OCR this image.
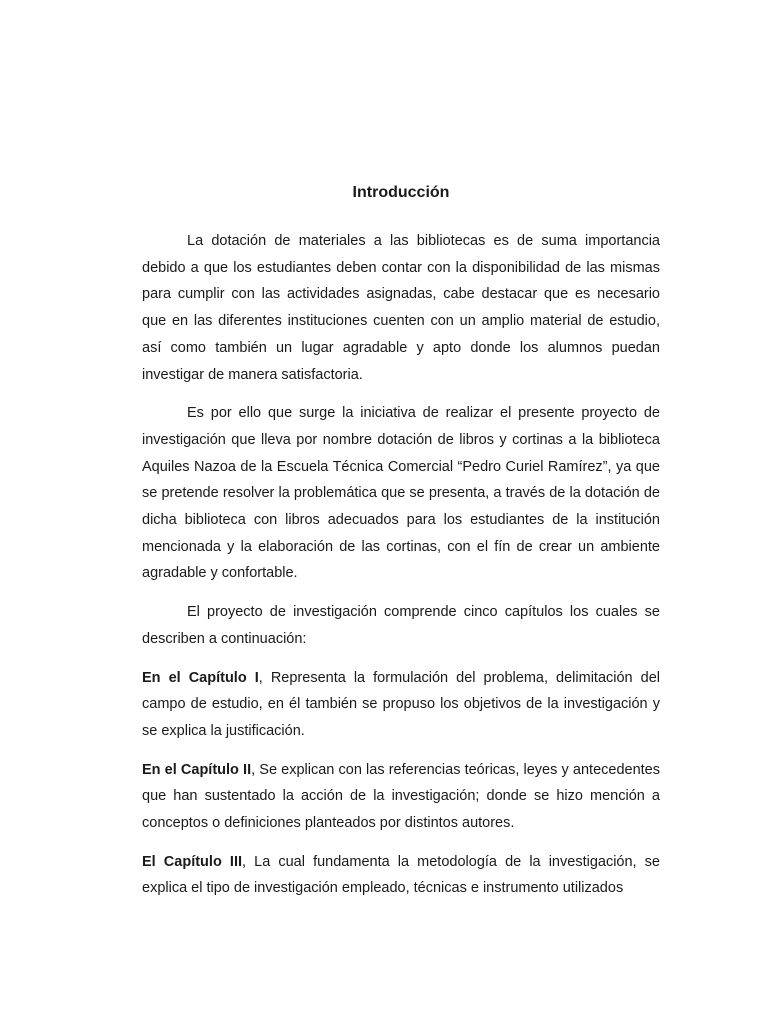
Introducción

La dotación de materiales a las bibliotecas es de suma importancia debido a que los estudiantes deben contar con la disponibilidad de las mismas para cumplir con las actividades asignadas, cabe destacar que es necesario que en las diferentes instituciones cuenten con un amplio material de estudio, así como también un lugar agradable y apto donde los alumnos puedan investigar de manera satisfactoria.

Es por ello que surge la iniciativa de realizar el presente proyecto de investigación que lleva por nombre dotación de libros y cortinas a la biblioteca Aquiles Nazoa de la Escuela Técnica Comercial “Pedro Curiel Ramírez”, ya que se pretende resolver la problemática que se presenta, a través de la dotación de dicha biblioteca con libros adecuados para los estudiantes de la institución mencionada y la elaboración de las cortinas, con el fín de crear un ambiente agradable y confortable.

El proyecto de investigación comprende cinco capítulos los cuales se describen a continuación:

En el Capítulo I, Representa la formulación del problema, delimitación del campo de estudio, en él también se propuso los objetivos de la investigación y se explica la justificación.

En el Capítulo II, Se explican con las referencias teóricas, leyes y antecedentes que han sustentado la acción de la investigación; donde se hizo mención a conceptos o definiciones planteados por distintos autores.

El Capítulo III, La cual fundamenta la metodología de la investigación, se explica el tipo de investigación empleado, técnicas e instrumento utilizados
